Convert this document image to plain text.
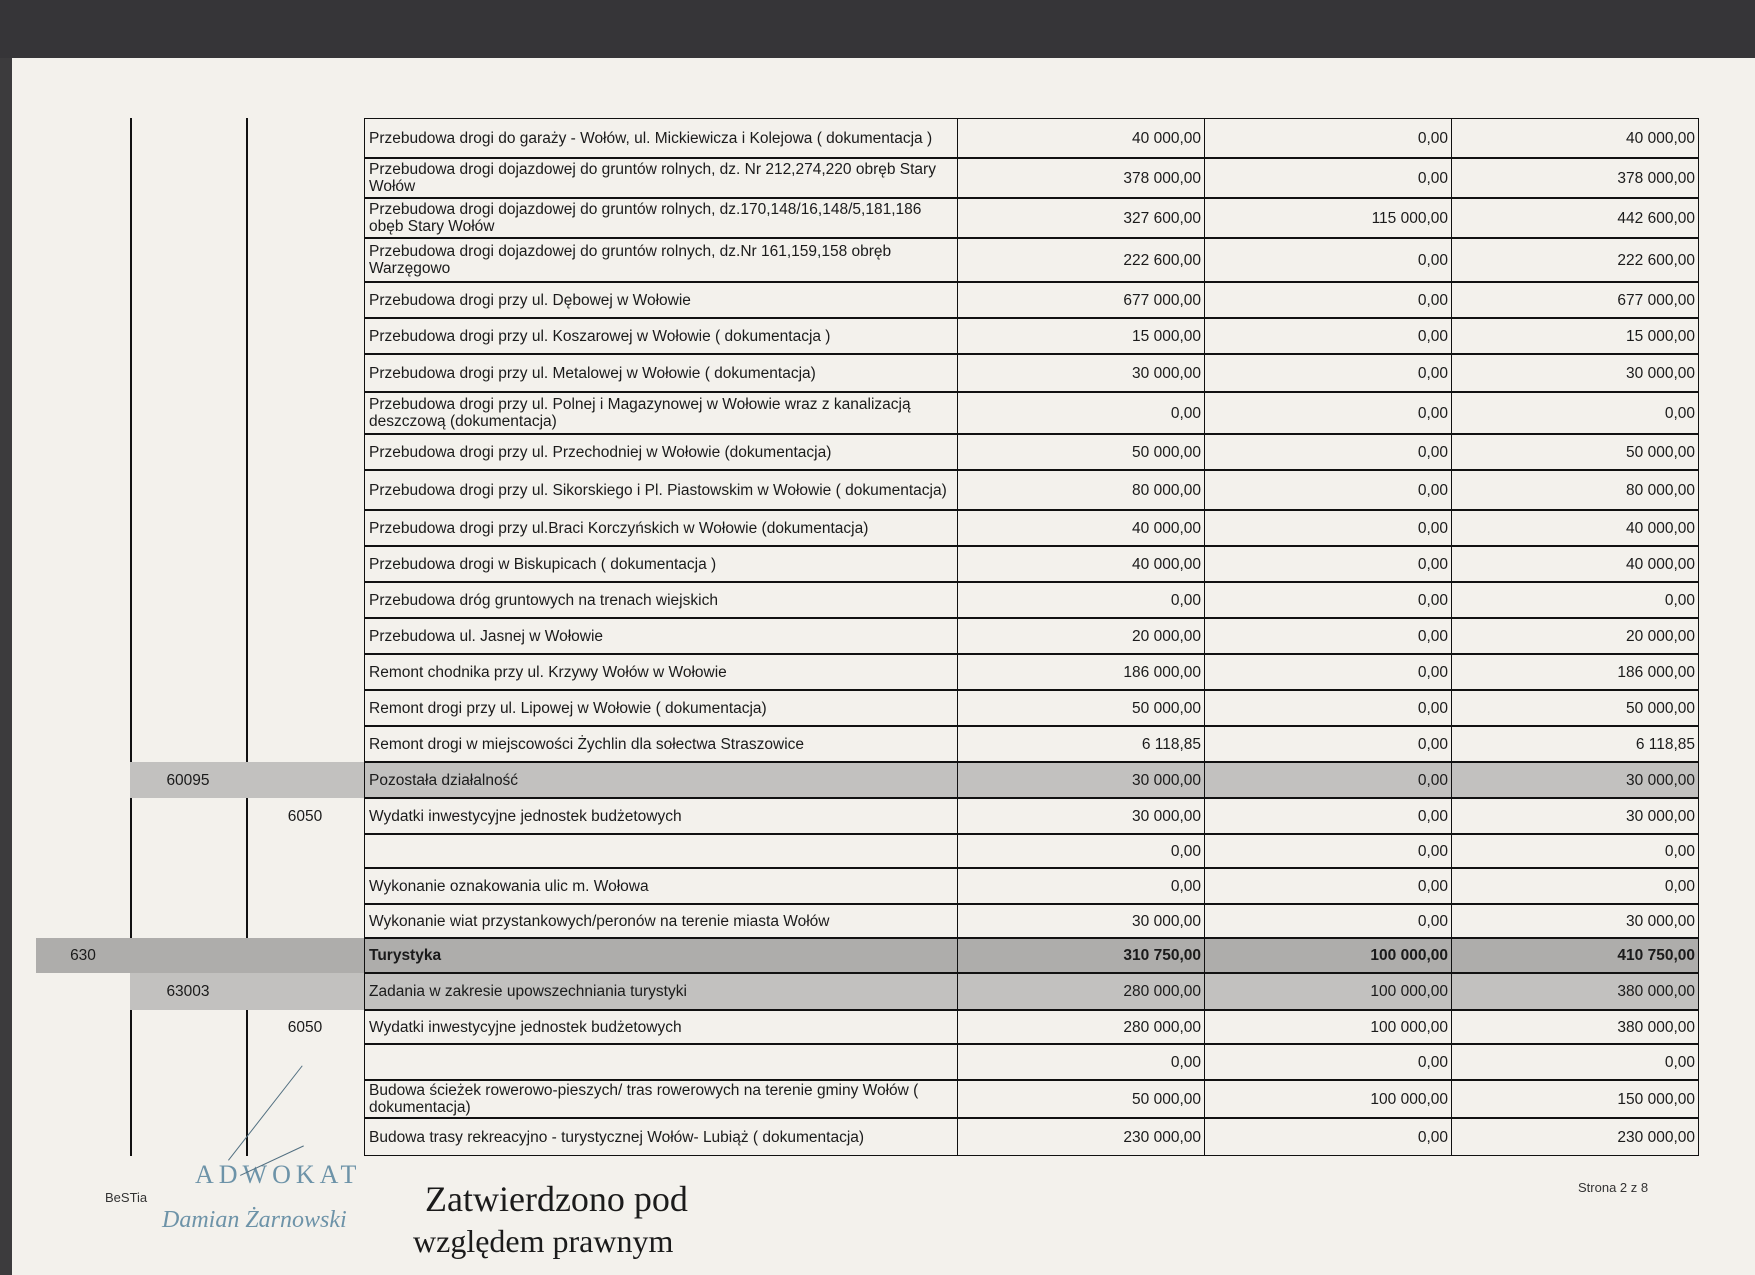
Przebudowa drogi do garaży - Wołów, ul. Mickiewicza i Kolejowa ( dokumentacja )	40 000,00	0,00	40 000,00
Przebudowa drogi dojazdowej do gruntów rolnych, dz. Nr 212,274,220 obręb Stary Wołów	378 000,00	0,00	378 000,00
Przebudowa drogi dojazdowej do gruntów rolnych, dz.170,148/16,148/5,181,186 obęb Stary Wołów	327 600,00	115 000,00	442 600,00
Przebudowa drogi dojazdowej do gruntów rolnych, dz.Nr 161,159,158 obręb Warzęgowo	222 600,00	0,00	222 600,00
Przebudowa drogi przy ul. Dębowej w Wołowie	677 000,00	0,00	677 000,00
Przebudowa drogi przy ul. Koszarowej w Wołowie ( dokumentacja )	15 000,00	0,00	15 000,00
Przebudowa drogi przy ul. Metalowej w Wołowie ( dokumentacja)	30 000,00	0,00	30 000,00
Przebudowa drogi przy ul. Polnej i Magazynowej w Wołowie wraz z kanalizacją deszczową (dokumentacja)	0,00	0,00	0,00
Przebudowa drogi przy ul. Przechodniej w Wołowie (dokumentacja)	50 000,00	0,00	50 000,00
Przebudowa drogi przy ul. Sikorskiego i Pl. Piastowskim w Wołowie ( dokumentacja)	80 000,00	0,00	80 000,00
Przebudowa drogi przy ul.Braci Korczyńskich w Wołowie (dokumentacja)	40 000,00	0,00	40 000,00
Przebudowa drogi w Biskupicach ( dokumentacja )	40 000,00	0,00	40 000,00
Przebudowa dróg gruntowych na trenach wiejskich	0,00	0,00	0,00
Przebudowa ul. Jasnej w Wołowie	20 000,00	0,00	20 000,00
Remont chodnika przy ul. Krzywy Wołów w Wołowie	186 000,00	0,00	186 000,00
Remont drogi przy ul. Lipowej w Wołowie ( dokumentacja)	50 000,00	0,00	50 000,00
Remont drogi w miejscowości Żychlin dla sołectwa Straszowice	6 118,85	0,00	6 118,85
60095	Pozostała działalność	30 000,00	0,00	30 000,00
6050	Wydatki inwestycyjne jednostek budżetowych	30 000,00	0,00	30 000,00
0,00	0,00	0,00
Wykonanie oznakowania ulic m. Wołowa	0,00	0,00	0,00
Wykonanie wiat przystankowych/peronów na terenie miasta Wołów	30 000,00	0,00	30 000,00
630	Turystyka	310 750,00	100 000,00	410 750,00
63003	Zadania w zakresie upowszechniania turystyki	280 000,00	100 000,00	380 000,00
6050	Wydatki inwestycyjne jednostek budżetowych	280 000,00	100 000,00	380 000,00
0,00	0,00	0,00
Budowa ścieżek rowerowo-pieszych/ tras rowerowych na terenie gminy Wołów ( dokumentacja)	50 000,00	100 000,00	150 000,00
Budowa trasy rekreacyjno - turystycznej Wołów- Lubiąż ( dokumentacja)	230 000,00	0,00	230 000,00
BeSTia
Strona 2 z 8
ADWOKAT
Damian Żarnowski
Zatwierdzono pod
względem prawnym
